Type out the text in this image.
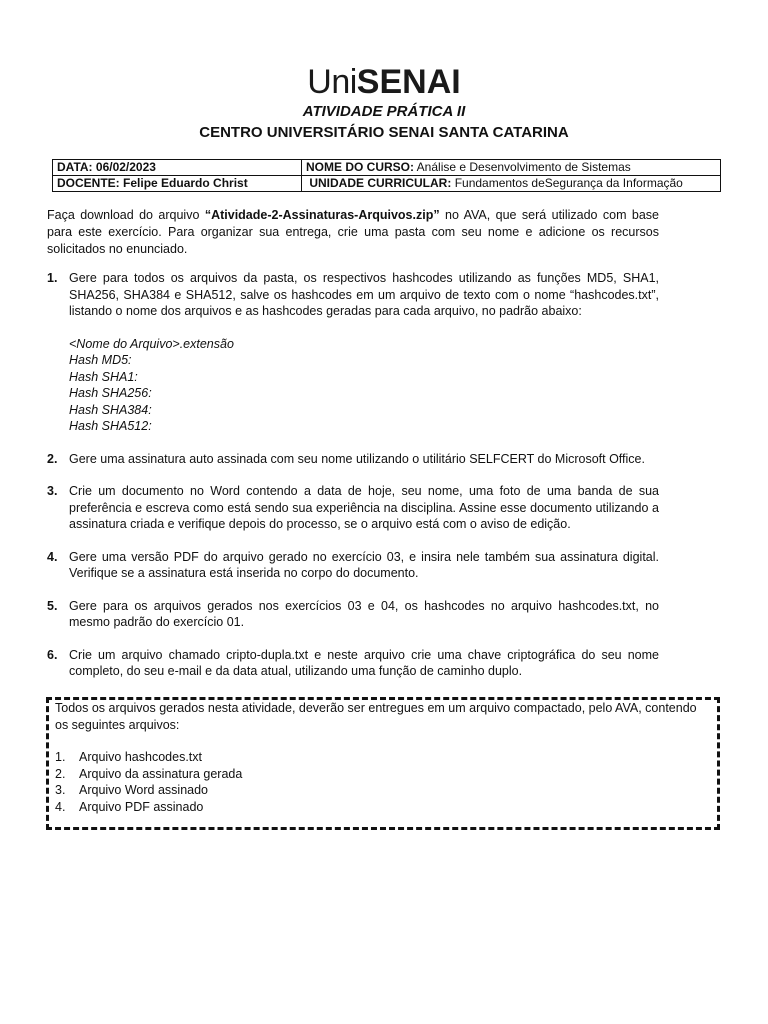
UniSENAI
ATIVIDADE PRÁTICA II
CENTRO UNIVERSITÁRIO SENAI SANTA CATARINA
DATA: 06/02/2023	NOME DO CURSO: Análise e Desenvolvimento de Sistemas
DOCENTE: Felipe Eduardo Christ	UNIDADE CURRICULAR: Fundamentos deSegurança da Informação
Faça download do arquivo “Atividade-2-Assinaturas-Arquivos.zip” no AVA, que será utilizado com base para este exercício. Para organizar sua entrega, crie uma pasta com seu nome e adicione os recursos solicitados no enunciado.
1. Gere para todos os arquivos da pasta, os respectivos hashcodes utilizando as funções MD5, SHA1, SHA256, SHA384 e SHA512, salve os hashcodes em um arquivo de texto com o nome “hashcodes.txt”, listando o nome dos arquivos e as hashcodes geradas para cada arquivo, no padrão abaixo:
<Nome do Arquivo>.extensão
Hash MD5:
Hash SHA1:
Hash SHA256:
Hash SHA384:
Hash SHA512:
2. Gere uma assinatura auto assinada com seu nome utilizando o utilitário SELFCERT do Microsoft Office.
3. Crie um documento no Word contendo a data de hoje, seu nome, uma foto de uma banda de sua preferência e escreva como está sendo sua experiência na disciplina. Assine esse documento utilizando a assinatura criada e verifique depois do processo, se o arquivo está com o aviso de edição.
4. Gere uma versão PDF do arquivo gerado no exercício 03, e insira nele também sua assinatura digital. Verifique se a assinatura está inserida no corpo do documento.
5. Gere para os arquivos gerados nos exercícios 03 e 04, os hashcodes no arquivo hashcodes.txt, no mesmo padrão do exercício 01.
6. Crie um arquivo chamado cripto-dupla.txt e neste arquivo crie uma chave criptográfica do seu nome completo, do seu e-mail e da data atual, utilizando uma função de caminho duplo.
Todos os arquivos gerados nesta atividade, deverão ser entregues em um arquivo compactado, pelo AVA, contendo os seguintes arquivos:
1. Arquivo hashcodes.txt
2. Arquivo da assinatura gerada
3. Arquivo Word assinado
4. Arquivo PDF assinado
